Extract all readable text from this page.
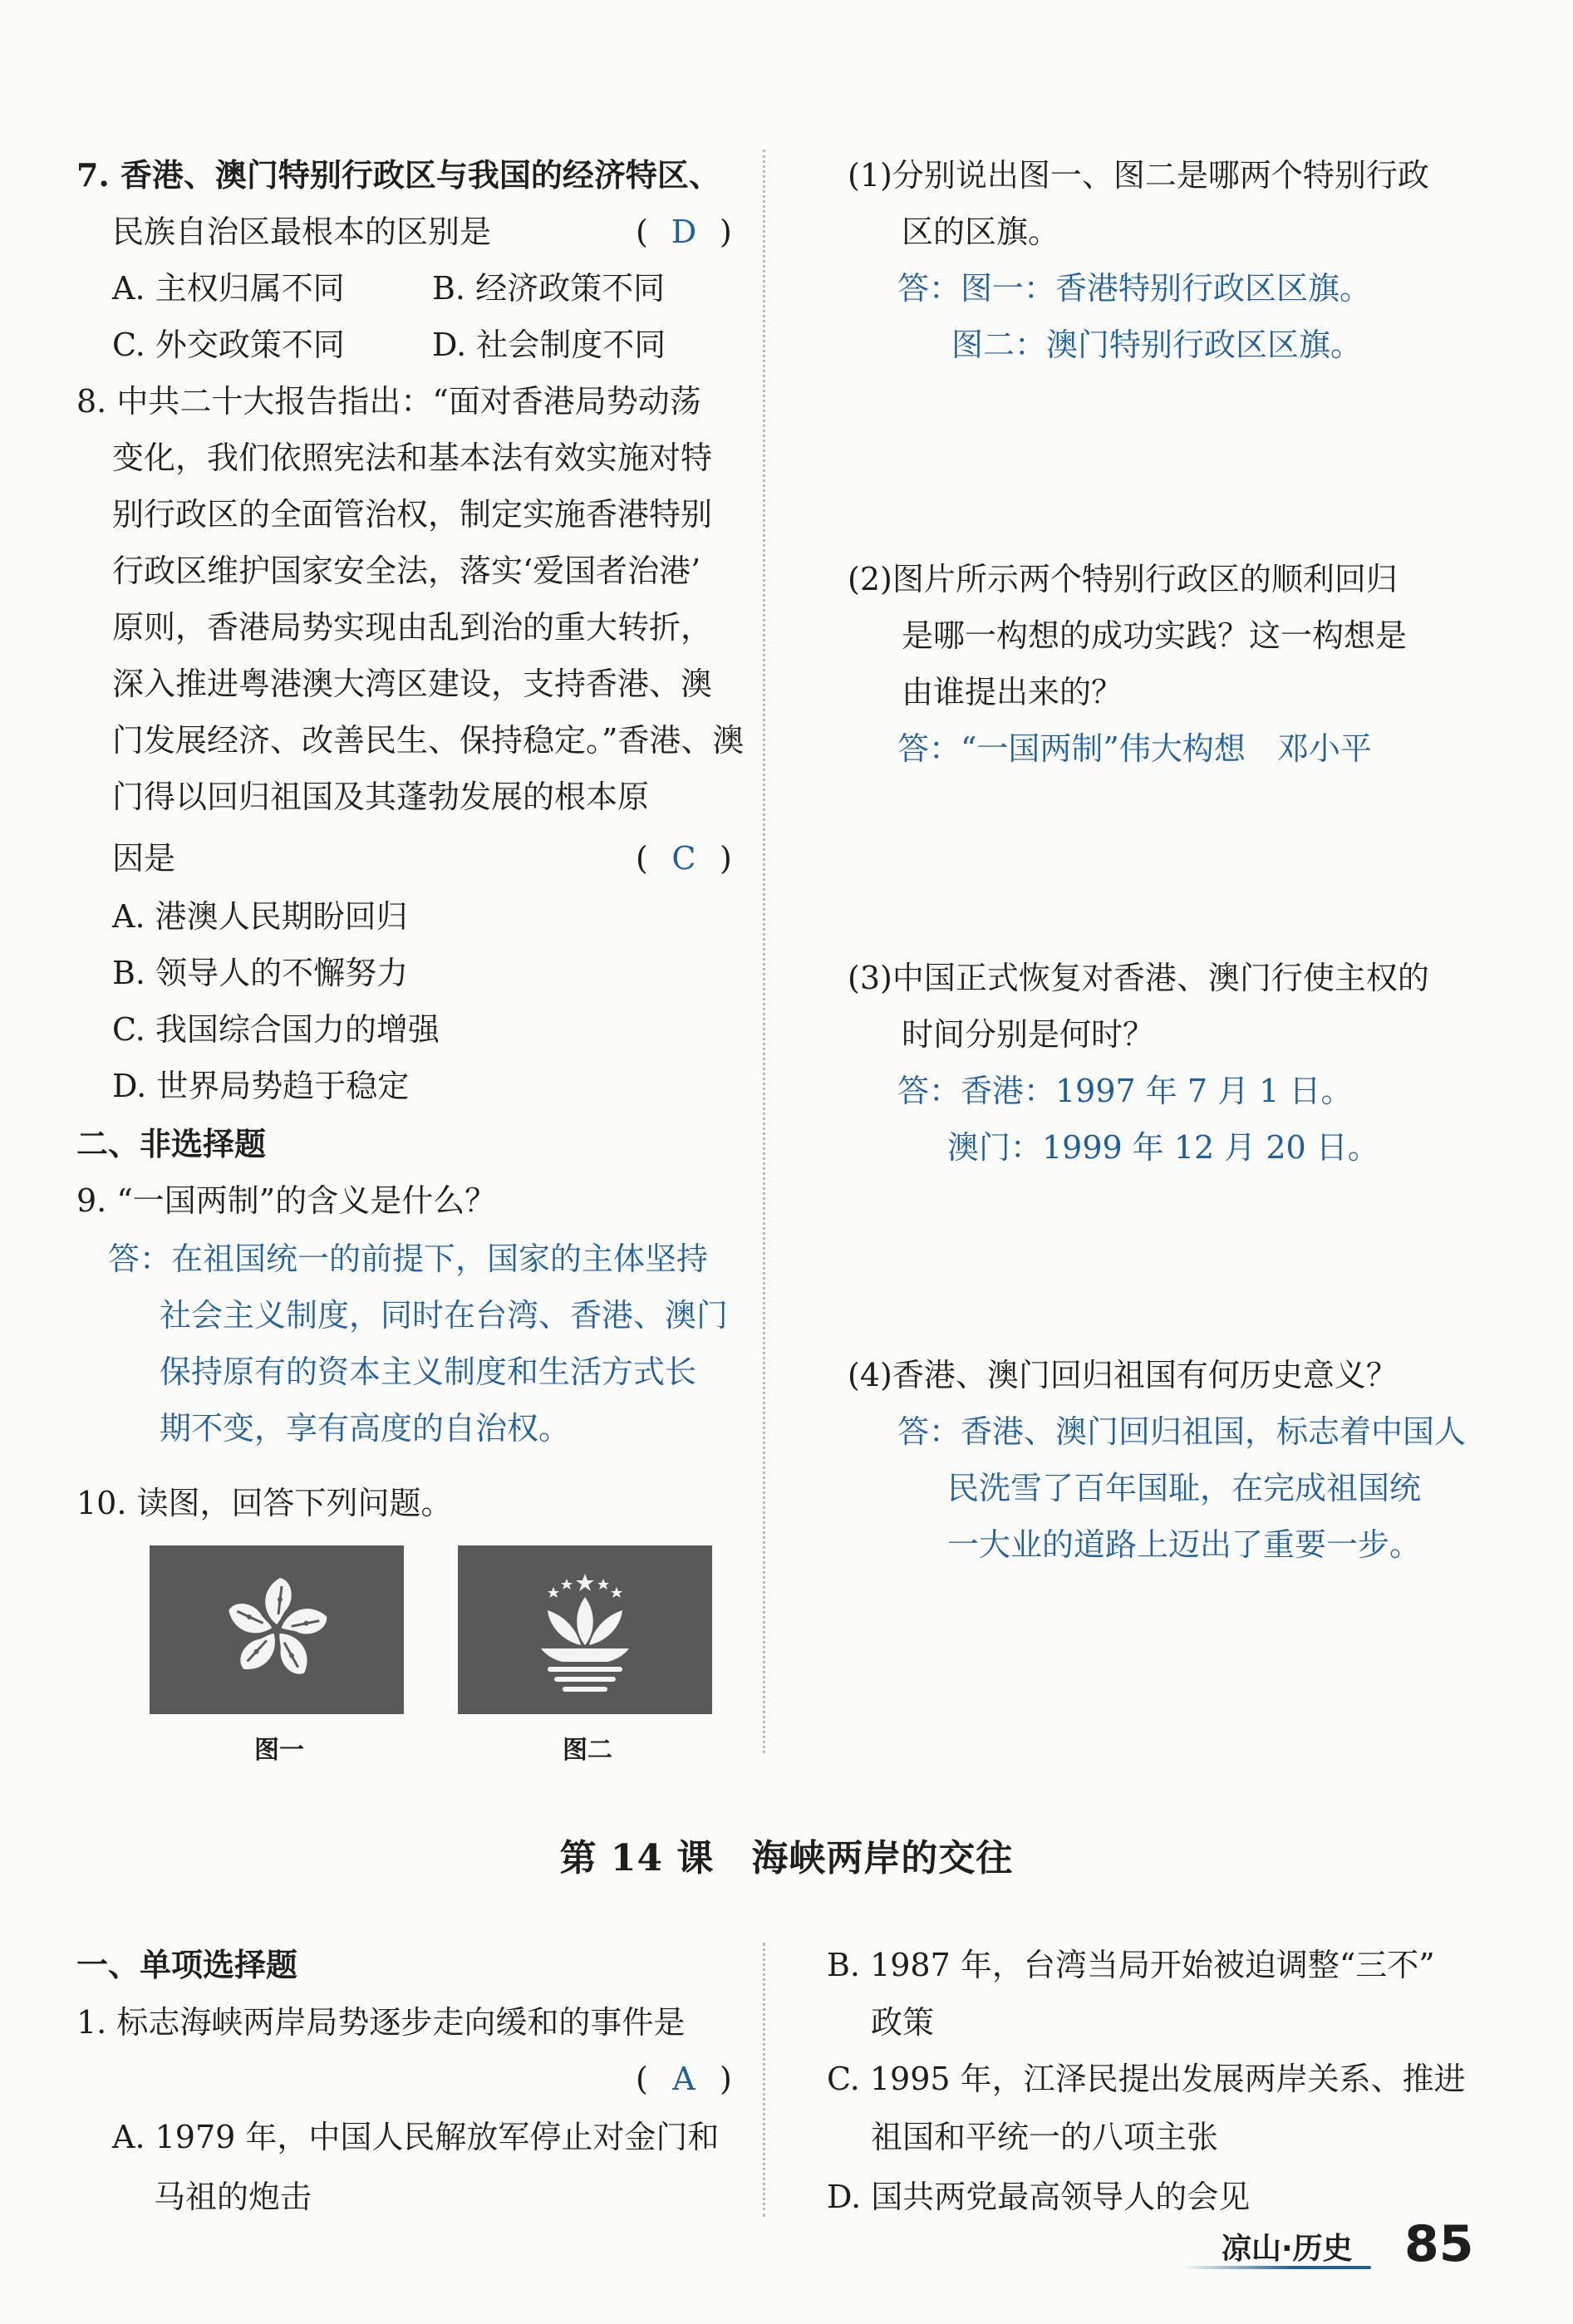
7. 香港、澳门特别行政区与我国的经济特区、
民族自治区最根本的区别是	( D )
A. 主权归属不同	B. 经济政策不同
C. 外交政策不同	D. 社会制度不同
8. 中共二十大报告指出：“面对香港局势动荡
变化，我们依照宪法和基本法有效实施对特
别行政区的全面管治权，制定实施香港特别
行政区维护国家安全法，落实‘爱国者治港’
原则，香港局势实现由乱到治的重大转折，
深入推进粤港澳大湾区建设，支持香港、澳
门发展经济、改善民生、保持稳定。”香港、澳
门得以回归祖国及其蓬勃发展的根本原
因是	( C )
A. 港澳人民期盼回归
B. 领导人的不懈努力
C. 我国综合国力的增强
D. 世界局势趋于稳定
二、非选择题
9. “一国两制”的含义是什么？
答：在祖国统一的前提下，国家的主体坚持
社会主义制度，同时在台湾、香港、澳门
保持原有的资本主义制度和生活方式长
期不变，享有高度的自治权。
10. 读图，回答下列问题。
图一	图二
(1)分别说出图一、图二是哪两个特别行政
区的区旗。
答：图一：香港特别行政区区旗。
图二：澳门特别行政区区旗。
(2)图片所示两个特别行政区的顺利回归
是哪一构想的成功实践？这一构想是
由谁提出来的？
答：“一国两制”伟大构想　邓小平
(3)中国正式恢复对香港、澳门行使主权的
时间分别是何时？
答：香港：1997 年 7 月 1 日。
澳门：1999 年 12 月 20 日。
(4)香港、澳门回归祖国有何历史意义？
答：香港、澳门回归祖国，标志着中国人
民洗雪了百年国耻，在完成祖国统
一大业的道路上迈出了重要一步。
第 14 课　海峡两岸的交往
一、单项选择题
1. 标志海峡两岸局势逐步走向缓和的事件是
( A )
A. 1979 年，中国人民解放军停止对金门和
马祖的炮击
B. 1987 年，台湾当局开始被迫调整“三不”
政策
C. 1995 年，江泽民提出发展两岸关系、推进
祖国和平统一的八项主张
D. 国共两党最高领导人的会见
凉山·历史 85
